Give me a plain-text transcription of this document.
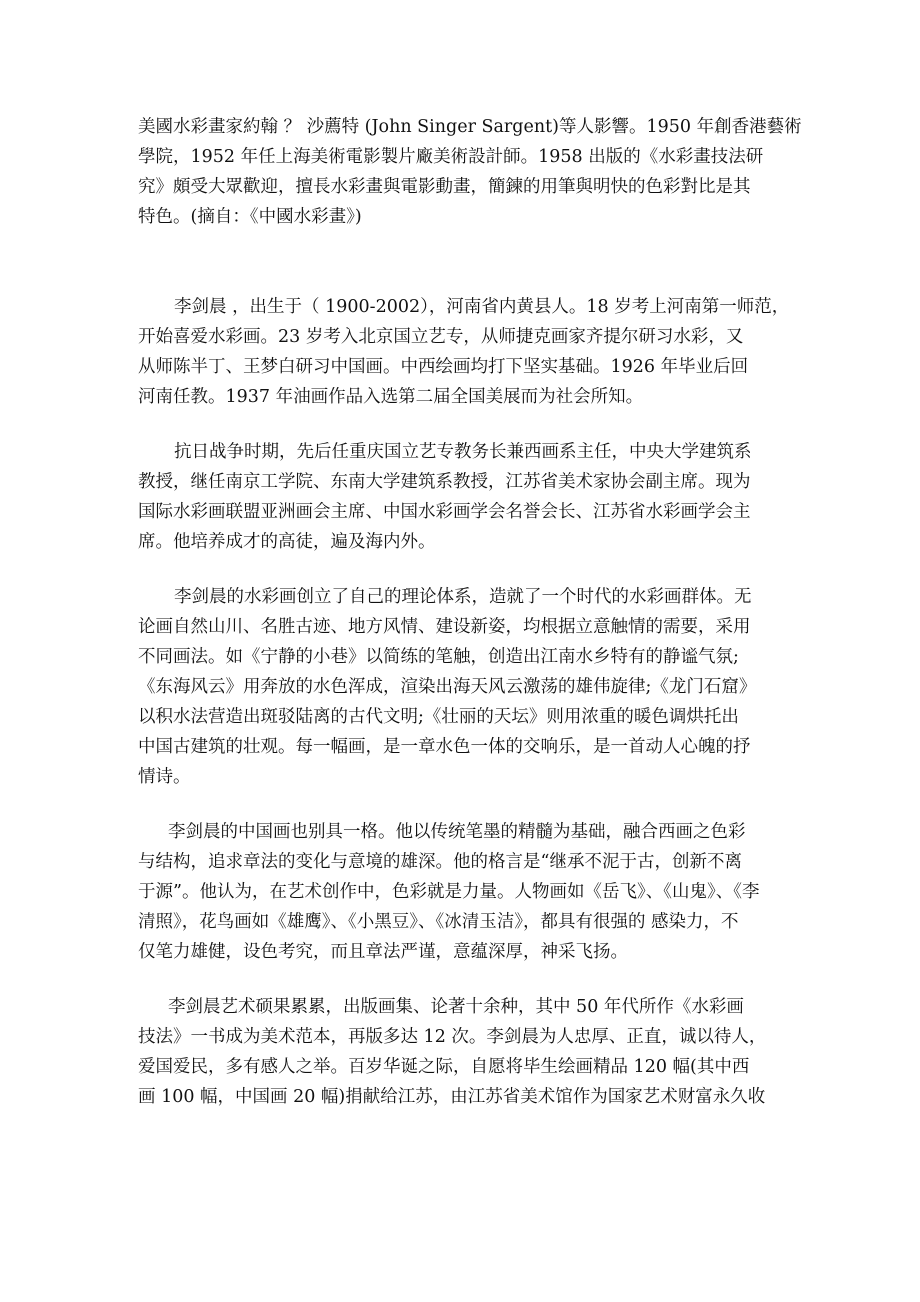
美國水彩畫家約翰 ？ 沙薦特 (John Singer Sargent)等人影響。1950 年創香港藝術
學院，1952 年任上海美術電影製片廠美術設計師。1958 出版的《水彩畫技法研
究》頗受大眾歡迎，擅長水彩畫與電影動畫，簡鍊的用筆與明快的色彩對比是其
特色。(摘自：《中國水彩畫》)
李剑晨 ，出生于（ 1900-2002），河南省内黄县人。18 岁考上河南第一师范，
开始喜爱水彩画。23 岁考入北京国立艺专，从师捷克画家齐提尔研习水彩，又
从师陈半丁、王梦白研习中国画。中西绘画均打下坚实基础。1926 年毕业后回
河南任教。1937 年油画作品入选第二届全国美展而为社会所知。
抗日战争时期，先后任重庆国立艺专教务长兼西画系主任，中央大学建筑系
教授，继任南京工学院、东南大学建筑系教授，江苏省美术家协会副主席。现为
国际水彩画联盟亚洲画会主席、中国水彩画学会名誉会长、江苏省水彩画学会主
席。他培养成才的高徒，遍及海内外。
李剑晨的水彩画创立了自己的理论体系，造就了一个时代的水彩画群体。无
论画自然山川、名胜古迹、地方风情、建设新姿，均根据立意触情的需要，采用
不同画法。如《宁静的小巷》以简练的笔触，创造出江南水乡特有的静谧气氛;
《东海风云》用奔放的水色浑成，渲染出海天风云激荡的雄伟旋律;《龙门石窟》
以积水法营造出斑驳陆离的古代文明;《壮丽的天坛》则用浓重的暖色调烘托出
中国古建筑的壮观。每一幅画，是一章水色一体的交响乐，是一首动人心魄的抒
情诗。
李剑晨的中国画也别具一格。他以传统笔墨的精髓为基础，融合西画之色彩
与结构，追求章法的变化与意境的雄深。他的格言是“继承不泥于古，创新不离
于源”。他认为，在艺术创作中，色彩就是力量。人物画如《岳飞》、《山鬼》、《李
清照》，花鸟画如《雄鹰》、《小黑豆》、《冰清玉洁》，都具有很强的 感染力，不
仅笔力雄健，设色考究，而且章法严谨，意蕴深厚，神采飞扬。
李剑晨艺术硕果累累，出版画集、论著十余种，其中 50 年代所作《水彩画
技法》一书成为美术范本，再版多达 12 次。李剑晨为人忠厚、正直，诚以待人，
爱国爱民，多有感人之举。百岁华诞之际，自愿将毕生绘画精品 120 幅(其中西
画 100 幅，中国画 20 幅)捐献给江苏，由江苏省美术馆作为国家艺术财富永久收
